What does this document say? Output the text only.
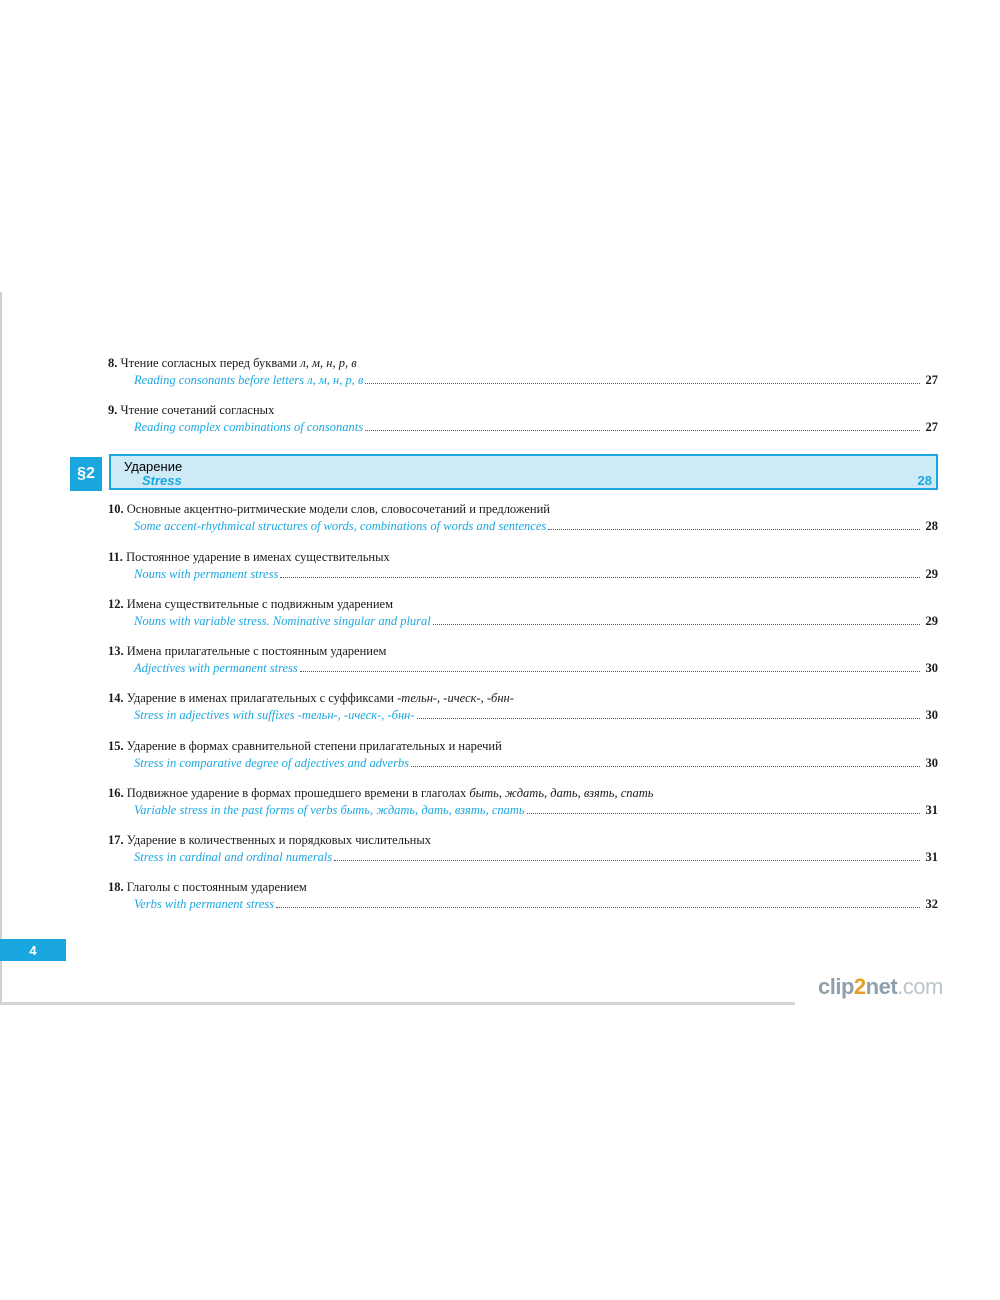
8. Чтение согласных перед буквами л, м, н, р, в
Reading consonants before letters л, м, н, р, в	27
9. Чтение сочетаний согласных
Reading complex combinations of consonants	27
§2	Ударение
Stress	28
10. Основные акцентно-ритмические модели слов, словосочетаний и предложений
Some accent-rhythmical structures of words, combinations of words and sentences	28
11. Постоянное ударение в именах существительных
Nouns with permanent stress	29
12. Имена существительные с подвижным ударением
Nouns with variable stress. Nominative singular and plural	29
13. Имена прилагательные с постоянным ударением
Adjectives with permanent stress	30
14. Ударение в именах прилагательных с суффиксами -тельн-, -ическ-, -бнн-
Stress in adjectives with suffixes -тельн-, -ическ-, -бнн-	30
15. Ударение в формах сравнительной степени прилагательных и наречий
Stress in comparative degree of adjectives and adverbs	30
16. Подвижное ударение в формах прошедшего времени в глаголах быть, ждать, дать, взять, спать
Variable stress in the past forms of verbs быть, ждать, дать, взять, спать	31
17. Ударение в количественных и порядковых числительных
Stress in cardinal and ordinal numerals	31
18. Глаголы с постоянным ударением
Verbs with permanent stress	32
4
clip2net.com
